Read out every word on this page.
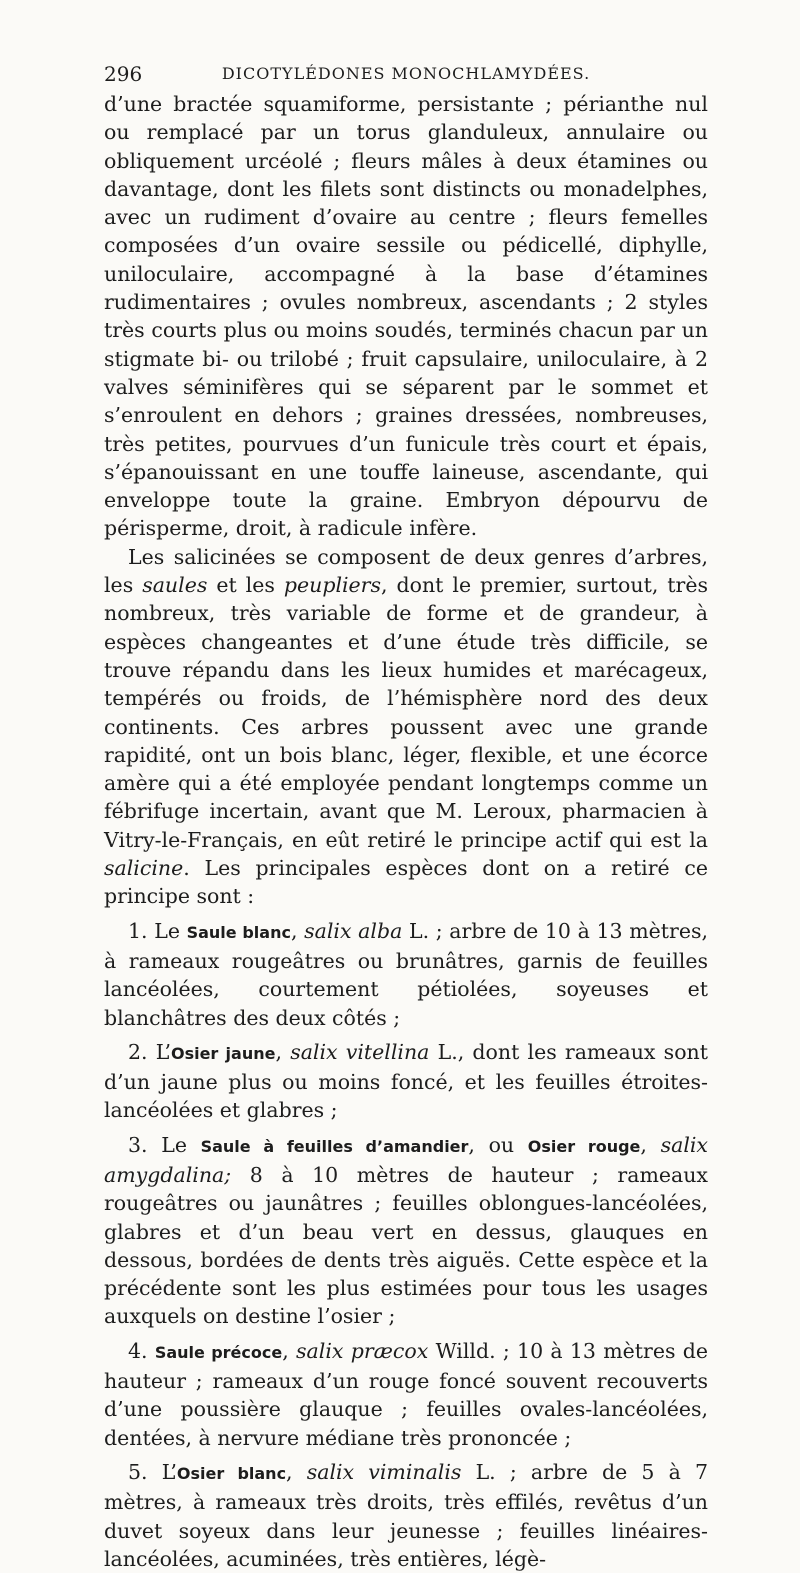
296	DICOTYLÉDONES MONOCHLAMYDÉES.

d’une bractée squamiforme, persistante ; périanthe nul ou remplacé par un torus glanduleux, annulaire ou obliquement urcéolé ; fleurs mâles à deux étamines ou davantage, dont les filets sont distincts ou monadelphes, avec un rudiment d’ovaire au centre ; fleurs femelles composées d’un ovaire sessile ou pédicellé, diphylle, uniloculaire, accompagné à la base d’étamines rudimentaires ; ovules nombreux, ascendants ; 2 styles très courts plus ou moins soudés, terminés chacun par un stigmate bi- ou trilobé ; fruit capsulaire, uniloculaire, à 2 valves séminifères qui se séparent par le sommet et s’enroulent en dehors ; graines dressées, nombreuses, très petites, pourvues d’un funicule très court et épais, s’épanouissant en une touffe laineuse, ascendante, qui enveloppe toute la graine. Embryon dépourvu de périsperme, droit, à radicule infère.

Les salicinées se composent de deux genres d’arbres, les saules et les peupliers, dont le premier, surtout, très nombreux, très variable de forme et de grandeur, à espèces changeantes et d’une étude très difficile, se trouve répandu dans les lieux humides et marécageux, tempérés ou froids, de l’hémisphère nord des deux continents. Ces arbres poussent avec une grande rapidité, ont un bois blanc, léger, flexible, et une écorce amère qui a été employée pendant longtemps comme un fébrifuge incertain, avant que M. Leroux, pharmacien à Vitry-le-Français, en eût retiré le principe actif qui est la salicine. Les principales espèces dont on a retiré ce principe sont :

1. Le Saule blanc, salix alba L. ; arbre de 10 à 13 mètres, à rameaux rougeâtres ou brunâtres, garnis de feuilles lancéolées, courtement pétiolées, soyeuses et blanchâtres des deux côtés ;

2. L’Osier jaune, salix vitellina L., dont les rameaux sont d’un jaune plus ou moins foncé, et les feuilles étroites-lancéolées et glabres ;

3. Le Saule à feuilles d’amandier, ou Osier rouge, salix amygdalina; 8 à 10 mètres de hauteur ; rameaux rougeâtres ou jaunâtres ; feuilles oblongues-lancéolées, glabres et d’un beau vert en dessus, glauques en dessous, bordées de dents très aiguës. Cette espèce et la précédente sont les plus estimées pour tous les usages auxquels on destine l’osier ;

4. Saule précoce, salix præcox Willd. ; 10 à 13 mètres de hauteur ; rameaux d’un rouge foncé souvent recouverts d’une poussière glauque ; feuilles ovales-lancéolées, dentées, à nervure médiane très prononcée ;

5. L’Osier blanc, salix viminalis L. ; arbre de 5 à 7 mètres, à rameaux très droits, très effilés, revêtus d’un duvet soyeux dans leur jeunesse ; feuilles linéaires-lancéolées, acuminées, très entières, légè-
